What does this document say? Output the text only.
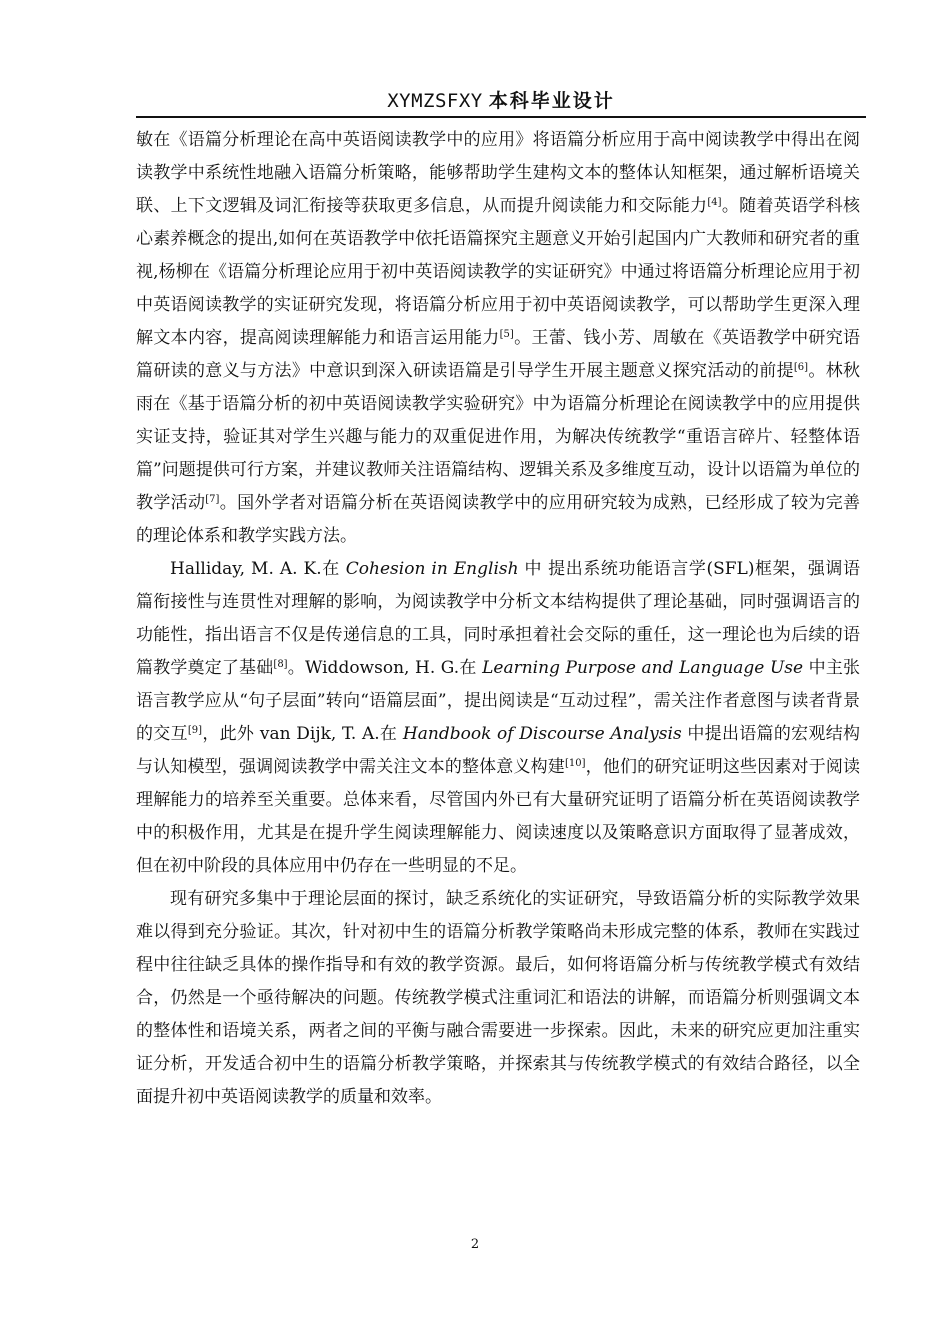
XYMZSFXY 本科毕业设计

敏在《语篇分析理论在高中英语阅读教学中的应用》将语篇分析应用于高中阅读教学中得出在阅读教学中系统性地融入语篇分析策略，能够帮助学生建构文本的整体认知框架，通过解析语境关联、上下文逻辑及词汇衔接等获取更多信息，从而提升阅读能力和交际能力[4]。随着英语学科核心素养概念的提出,如何在英语教学中依托语篇探究主题意义开始引起国内广大教师和研究者的重视,杨柳在《语篇分析理论应用于初中英语阅读教学的实证研究》中通过将语篇分析理论应用于初中英语阅读教学的实证研究发现，将语篇分析应用于初中英语阅读教学，可以帮助学生更深入理解文本内容，提高阅读理解能力和语言运用能力[5]。王蕾、钱小芳、周敏在《英语教学中研究语篇研读的意义与方法》中意识到深入研读语篇是引导学生开展主题意义探究活动的前提[6]。林秋雨在《基于语篇分析的初中英语阅读教学实验研究》中为语篇分析理论在阅读教学中的应用提供实证支持，验证其对学生兴趣与能力的双重促进作用，为解决传统教学“重语言碎片、轻整体语篇”问题提供可行方案，并建议教师关注语篇结构、逻辑关系及多维度互动，设计以语篇为单位的教学活动[7]。国外学者对语篇分析在英语阅读教学中的应用研究较为成熟，已经形成了较为完善的理论体系和教学实践方法。

Halliday, M. A. K.在 Cohesion in English 中 提出系统功能语言学(SFL)框架，强调语篇衔接性与连贯性对理解的影响，为阅读教学中分析文本结构提供了理论基础，同时强调语言的功能性，指出语言不仅是传递信息的工具，同时承担着社会交际的重任，这一理论也为后续的语篇教学奠定了基础[8]。Widdowson, H. G.在 Learning Purpose and Language Use 中主张语言教学应从“句子层面”转向“语篇层面”，提出阅读是“互动过程”，需关注作者意图与读者背景的交互[9]，此外 van Dijk, T. A.在 Handbook of Discourse Analysis 中提出语篇的宏观结构与认知模型，强调阅读教学中需关注文本的整体意义构建[10]，他们的研究证明这些因素对于阅读理解能力的培养至关重要。总体来看，尽管国内外已有大量研究证明了语篇分析在英语阅读教学中的积极作用，尤其是在提升学生阅读理解能力、阅读速度以及策略意识方面取得了显著成效，但在初中阶段的具体应用中仍存在一些明显的不足。

现有研究多集中于理论层面的探讨，缺乏系统化的实证研究，导致语篇分析的实际教学效果难以得到充分验证。其次，针对初中生的语篇分析教学策略尚未形成完整的体系，教师在实践过程中往往缺乏具体的操作指导和有效的教学资源。最后，如何将语篇分析与传统教学模式有效结合，仍然是一个亟待解决的问题。传统教学模式注重词汇和语法的讲解，而语篇分析则强调文本的整体性和语境关系，两者之间的平衡与融合需要进一步探索。因此，未来的研究应更加注重实证分析，开发适合初中生的语篇分析教学策略，并探索其与传统教学模式的有效结合路径，以全面提升初中英语阅读教学的质量和效率。

2
